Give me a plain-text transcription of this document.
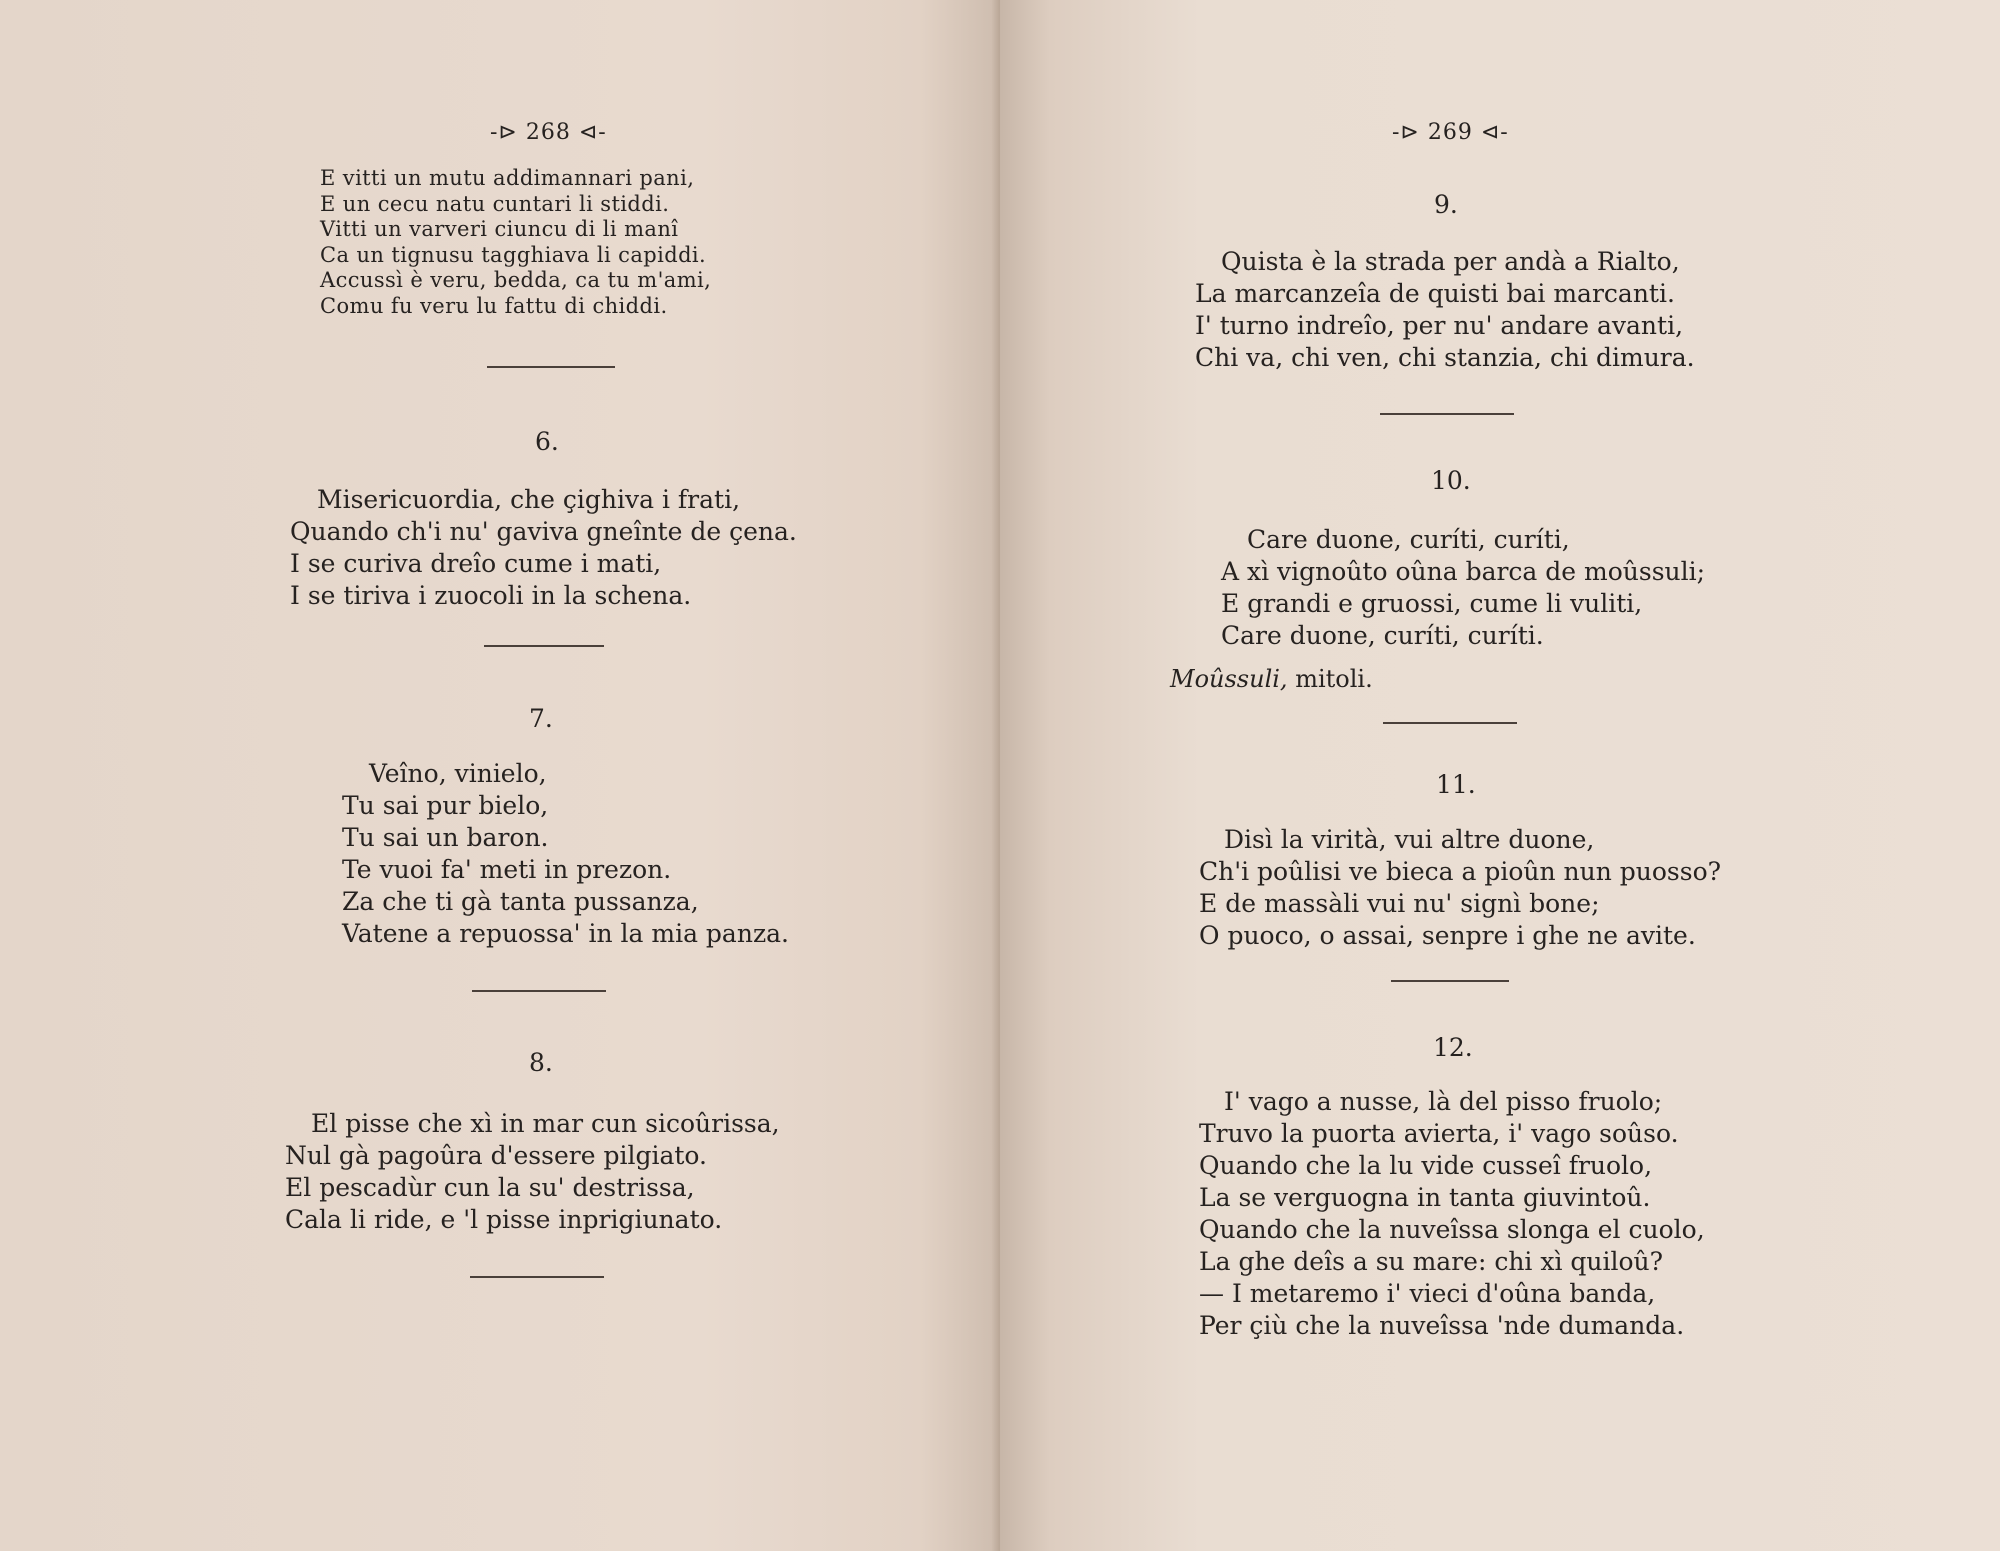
-⊳ 268 ⊲-
E vitti un mutu addimannari pani,
E un cecu natu cuntari li stiddi.
Vitti un varveri ciuncu di li manî
Ca un tignusu tagghiava li capiddi.
Accussì è veru, bedda, ca tu m'ami,
Comu fu veru lu fattu di chiddi.
6.
Misericuordia, che çighiva i frati,
Quando ch'i nu' gaviva gneînte de çena.
I se curiva dreîo cume i mati,
I se tiriva i zuocoli in la schena.
7.
Veîno, vinielo,
Tu sai pur bielo,
Tu sai un baron.
Te vuoi fa' meti in prezon.
Za che ti gà tanta pussanza,
Vatene a repuossa' in la mia panza.
8.
El pisse che xì in mar cun sicoûrissa,
Nul gà pagoûra d'essere pilgiato.
El pescadùr cun la su' destrissa,
Cala li ride, e 'l pisse inprigiunato.
-⊳ 269 ⊲-
9.
Quista è la strada per andà a Rialto,
La marcanzeîa de quisti bai marcanti.
I' turno indreîo, per nu' andare avanti,
Chi va, chi ven, chi stanzia, chi dimura.
10.
Care duone, curíti, curíti,
A xì vignoûto oûna barca de moûssuli;
E grandi e gruossi, cume li vuliti,
Care duone, curíti, curíti.
Moûssuli, mitoli.
11.
Disì la virità, vui altre duone,
Ch'i poûlisi ve bieca a pioûn nun puosso?
E de massàli vui nu' signì bone;
O puoco, o assai, senpre i ghe ne avite.
12.
I' vago a nusse, là del pisso fruolo;
Truvo la puorta avierta, i' vago soûso.
Quando che la lu vide cusseî fruolo,
La se verguogna in tanta giuvintoû.
Quando che la nuveîssa slonga el cuolo,
La ghe deîs a su mare: chi xì quiloû?
— I metaremo i' vieci d'oûna banda,
Per çiù che la nuveîssa 'nde dumanda.
